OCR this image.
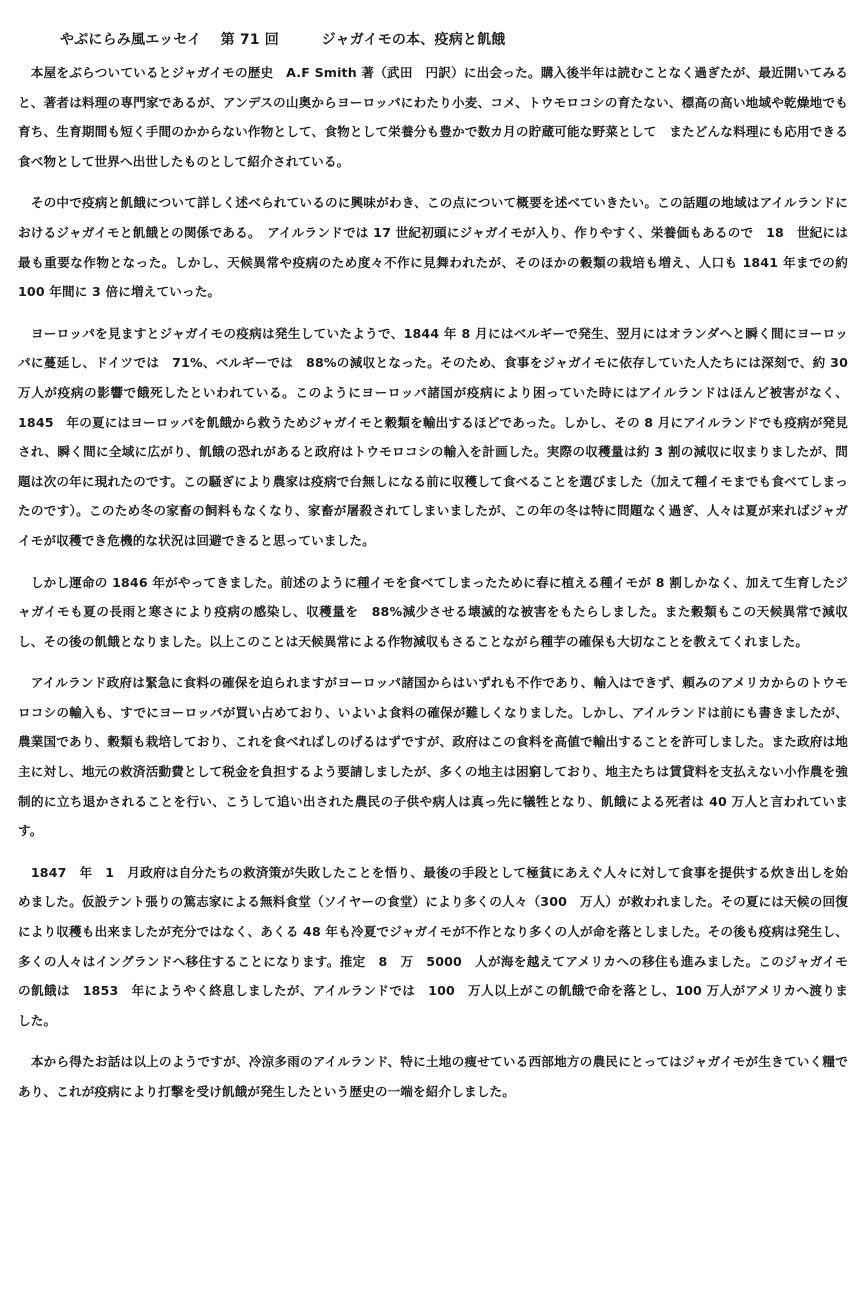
やぶにらみ風エッセイ　 第 71 回　　　ジャガイモの本、疫病と飢餓

　本屋をぶらついているとジャガイモの歴史　A.F Smith 著（武田　円訳）に出会った。購入後半年は読むことなく過ぎたが、最近開いてみると、著者は料理の専門家であるが、アンデスの山奥からヨーロッパにわたり小麦、コメ、トウモロコシの育たない、標高の高い地域や乾燥地でも育ち、生育期間も短く手間のかからない作物として、食物として栄養分も豊かで数カ月の貯蔵可能な野菜として　またどんな料理にも応用できる食べ物として世界へ出世したものとして紹介されている。

　その中で疫病と飢餓について詳しく述べられているのに興味がわき、この点について概要を述べていきたい。この話題の地域はアイルランドにおけるジャガイモと飢餓との関係である。　アイルランドでは 17 世紀初頭にジャガイモが入り、作りやすく、栄養価もあるので　18　世紀には最も重要な作物となった。しかし、天候異常や疫病のため度々不作に見舞われたが、そのほかの穀類の栽培も増え、人口も 1841 年までの約 100 年間に 3 倍に増えていった。

　ヨーロッパを見ますとジャガイモの疫病は発生していたようで、1844 年 8 月にはベルギーで発生、翌月にはオランダへと瞬く間にヨーロッパに蔓延し、ドイツでは　71%、ベルギーでは　88%の減収となった。そのため、食事をジャガイモに依存していた人たちには深刻で、約 30 万人が疫病の影響で餓死したといわれている。このようにヨーロッパ諸国が疫病により困っていた時にはアイルランドはほんど被害がなく、1845　年の夏にはヨーロッパを飢餓から救うためジャガイモと穀類を輸出するほどであった。しかし、その 8 月にアイルランドでも疫病が発見され、瞬く間に全域に広がり、飢餓の恐れがあると政府はトウモロコシの輸入を計画した。実際の収穫量は約 3 割の減収に収まりましたが、問題は次の年に現れたのです。この騒ぎにより農家は疫病で台無しになる前に収穫して食べることを選びました（加えて種イモまでも食べてしまったのです）。このため冬の家畜の飼料もなくなり、家畜が屠殺されてしまいましたが、この年の冬は特に問題なく過ぎ、人々は夏が来ればジャガイモが収穫でき危機的な状況は回避できると思っていました。

　しかし運命の 1846 年がやってきました。前述のように種イモを食べてしまったために春に植える種イモが 8 割しかなく、加えて生育したジャガイモも夏の長雨と寒さにより疫病の感染し、収穫量を　88%減少させる壊滅的な被害をもたらしました。また穀類もこの天候異常で減収し、その後の飢餓となりました。以上このことは天候異常による作物減収もさることながら種芋の確保も大切なことを教えてくれました。

　アイルランド政府は緊急に食料の確保を迫られますがヨーロッパ諸国からはいずれも不作であり、輸入はできず、頼みのアメリカからのトウモロコシの輸入も、すでにヨーロッパが買い占めており、いよいよ食料の確保が難しくなりました。しかし、アイルランドは前にも書きましたが、農業国であり、穀類も栽培しており、これを食べればしのげるはずですが、政府はこの食料を高値で輸出することを許可しました。また政府は地主に対し、地元の救済活動費として税金を負担するよう要請しましたが、多くの地主は困窮しており、地主たちは賃貸料を支払えない小作農を強制的に立ち退かされることを行い、こうして追い出された農民の子供や病人は真っ先に犠牲となり、飢餓による死者は 40 万人と言われています。

　1847　年　1　月政府は自分たちの救済策が失敗したことを悟り、最後の手段として極貧にあえぐ人々に対して食事を提供する炊き出しを始めました。仮設テント張りの篤志家による無料食堂（ソイヤーの食堂）により多くの人々（300　万人）が救われました。その夏には天候の回復により収穫も出来ましたが充分ではなく、あくる 48 年も冷夏でジャガイモが不作となり多くの人が命を落としました。その後も疫病は発生し、多くの人々はイングランドへ移住することになります。推定　8　万　5000　人が海を越えてアメリカへの移住も進みました。このジャガイモの飢餓は　1853　年にようやく終息しましたが、アイルランドでは　100　万人以上がこの飢餓で命を落とし、100 万人がアメリカへ渡りました。

　本から得たお話は以上のようですが、冷涼多雨のアイルランド、特に土地の痩せている西部地方の農民にとってはジャガイモが生きていく糧であり、これが疫病により打撃を受け飢餓が発生したという歴史の一端を紹介しました。
